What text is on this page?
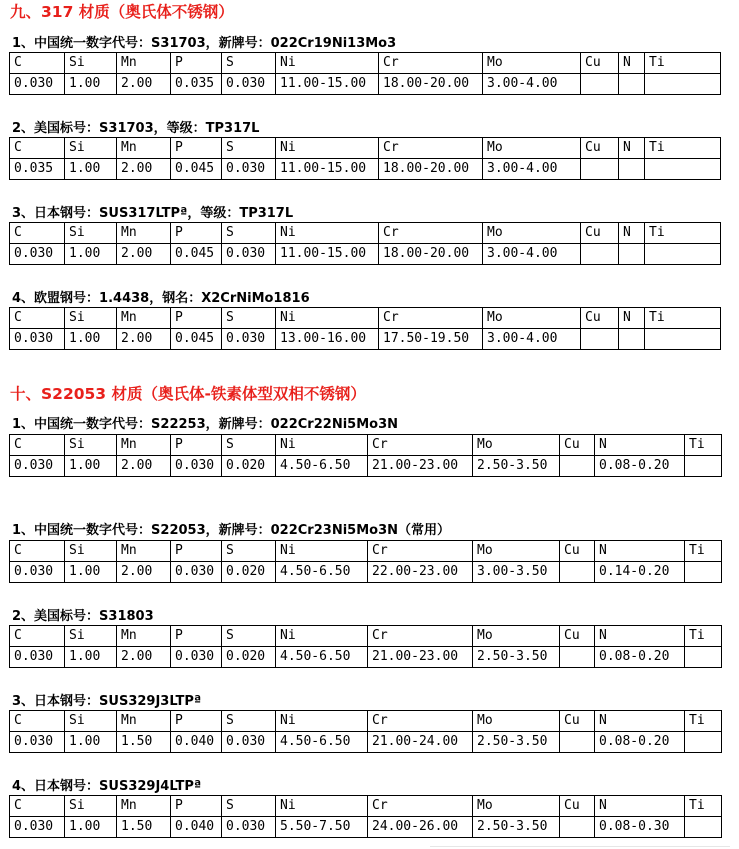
九、317 材质（奥氏体不锈钢）
1、中国统一数字代号：S31703，新牌号：022Cr19Ni13Mo3
C	Si	Mn	P	S	Ni	Cr	Mo	Cu	N	Ti
0.030	1.00	2.00	0.035	0.030	11.00-15.00	18.00-20.00	3.00-4.00			
2、美国标号：S31703，等级：TP317L
C	Si	Mn	P	S	Ni	Cr	Mo	Cu	N	Ti
0.035	1.00	2.00	0.045	0.030	11.00-15.00	18.00-20.00	3.00-4.00			
3、日本钢号：SUS317LTPª，等级：TP317L
C	Si	Mn	P	S	Ni	Cr	Mo	Cu	N	Ti
0.030	1.00	2.00	0.045	0.030	11.00-15.00	18.00-20.00	3.00-4.00			
4、欧盟钢号：1.4438，钢名：X2CrNiMo1816
C	Si	Mn	P	S	Ni	Cr	Mo	Cu	N	Ti
0.030	1.00	2.00	0.045	0.030	13.00-16.00	17.50-19.50	3.00-4.00			
十、S22053 材质（奥氏体-铁素体型双相不锈钢）
1、中国统一数字代号：S22253，新牌号：022Cr22Ni5Mo3N
C	Si	Mn	P	S	Ni	Cr	Mo	Cu	N	Ti
0.030	1.00	2.00	0.030	0.020	4.50-6.50	21.00-23.00	2.50-3.50		0.08-0.20	
1、中国统一数字代号：S22053，新牌号：022Cr23Ni5Mo3N（常用）
C	Si	Mn	P	S	Ni	Cr	Mo	Cu	N	Ti
0.030	1.00	2.00	0.030	0.020	4.50-6.50	22.00-23.00	3.00-3.50		0.14-0.20	
2、美国标号：S31803
C	Si	Mn	P	S	Ni	Cr	Mo	Cu	N	Ti
0.030	1.00	2.00	0.030	0.020	4.50-6.50	21.00-23.00	2.50-3.50		0.08-0.20	
3、日本钢号：SUS329J3LTPª
C	Si	Mn	P	S	Ni	Cr	Mo	Cu	N	Ti
0.030	1.00	1.50	0.040	0.030	4.50-6.50	21.00-24.00	2.50-3.50		0.08-0.20	
4、日本钢号：SUS329J4LTPª
C	Si	Mn	P	S	Ni	Cr	Mo	Cu	N	Ti
0.030	1.00	1.50	0.040	0.030	5.50-7.50	24.00-26.00	2.50-3.50		0.08-0.30	
